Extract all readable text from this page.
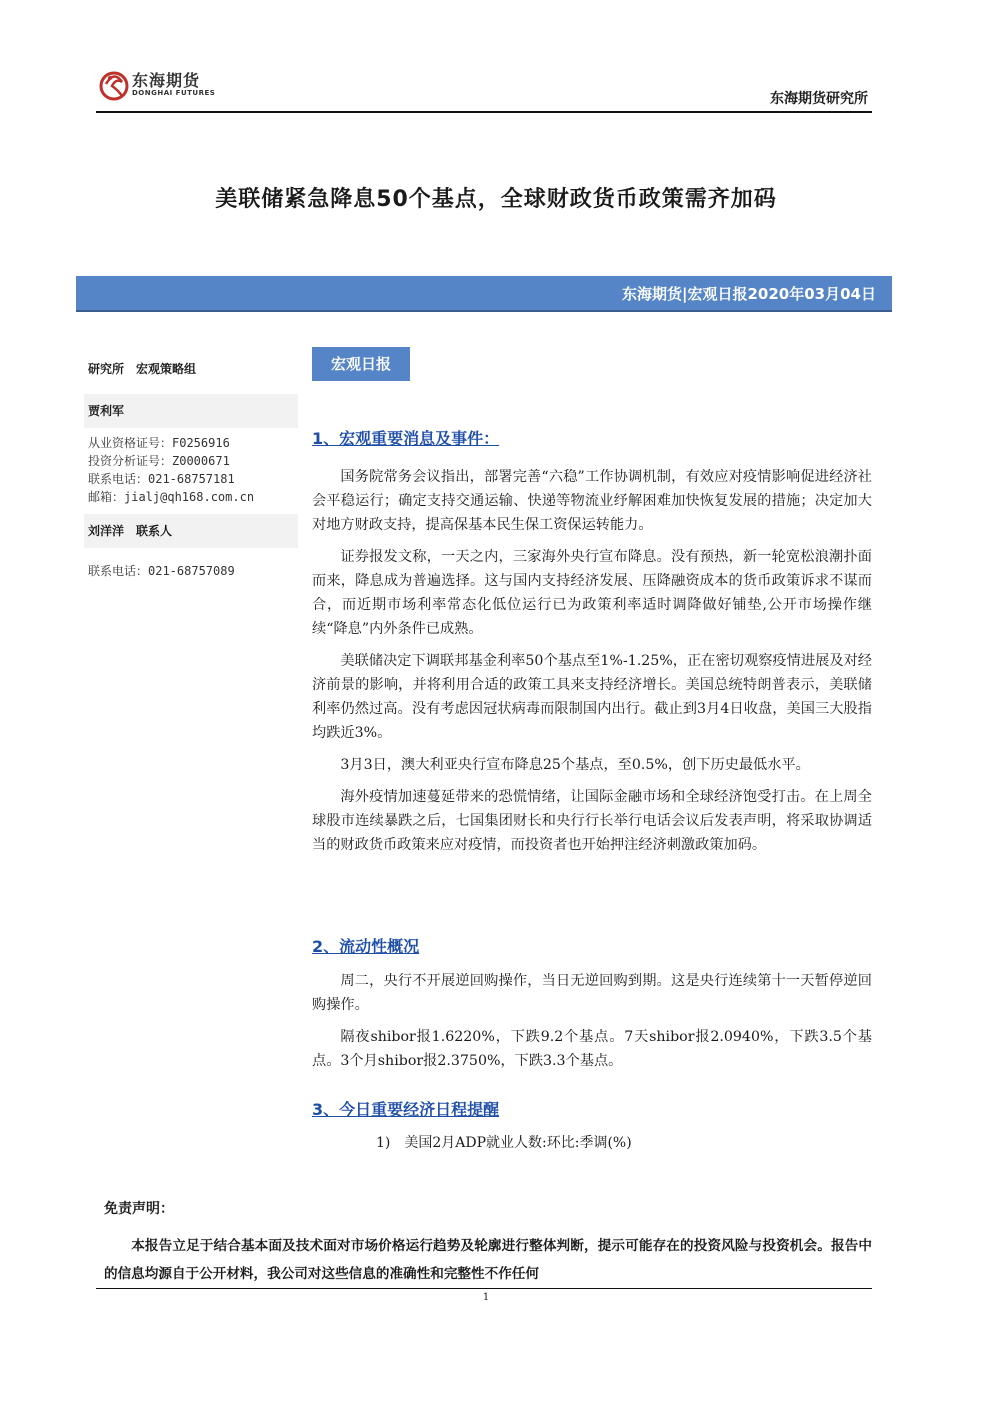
东海期货
DONGHAI FUTURES	东海期货研究所
美联储紧急降息50个基点，全球财政货币政策需齐加码
东海期货|宏观日报2020年03月04日
研究所　宏观策略组
贾利军
从业资格证号：F0256916
投资分析证号：Z0000671
联系电话：021-68757181
邮箱：jialj@qh168.com.cn
刘洋洋　联系人
联系电话：021-68757089
宏观日报
1、宏观重要消息及事件：

国务院常务会议指出，部署完善“六稳”工作协调机制，有效应对疫情影响促进经济社会平稳运行；确定支持交通运输、快递等物流业纾解困难加快恢复发展的措施；决定加大对地方财政支持，提高保基本民生保工资保运转能力。

证券报发文称，一天之内，三家海外央行宣布降息。没有预热，新一轮宽松浪潮扑面而来，降息成为普遍选择。这与国内支持经济发展、压降融资成本的货币政策诉求不谋而合，而近期市场利率常态化低位运行已为政策利率适时调降做好铺垫,公开市场操作继续“降息”内外条件已成熟。

美联储决定下调联邦基金利率50个基点至1%-1.25%，正在密切观察疫情进展及对经济前景的影响，并将利用合适的政策工具来支持经济增长。美国总统特朗普表示，美联储利率仍然过高。没有考虑因冠状病毒而限制国内出行。截止到3月4日收盘，美国三大股指均跌近3%。

3月3日，澳大利亚央行宣布降息25个基点，至0.5%，创下历史最低水平。

海外疫情加速蔓延带来的恐慌情绪，让国际金融市场和全球经济饱受打击。在上周全球股市连续暴跌之后，七国集团财长和央行行长举行电话会议后发表声明，将采取协调适当的财政货币政策来应对疫情，而投资者也开始押注经济刺激政策加码。

2、流动性概况

周二，央行不开展逆回购操作，当日无逆回购到期。这是央行连续第十一天暂停逆回购操作。

隔夜shibor报1.6220%，下跌9.2个基点。7天shibor报2.0940%，下跌3.5个基点。3个月shibor报2.3750%，下跌3.3个基点。

3、今日重要经济日程提醒
1)　美国2月ADP就业人数:环比:季调(%)
免责声明：

本报告立足于结合基本面及技术面对市场价格运行趋势及轮廓进行整体判断，提示可能存在的投资风险与投资机会。报告中的信息均源自于公开材料，我公司对这些信息的准确性和完整性不作任何

1
